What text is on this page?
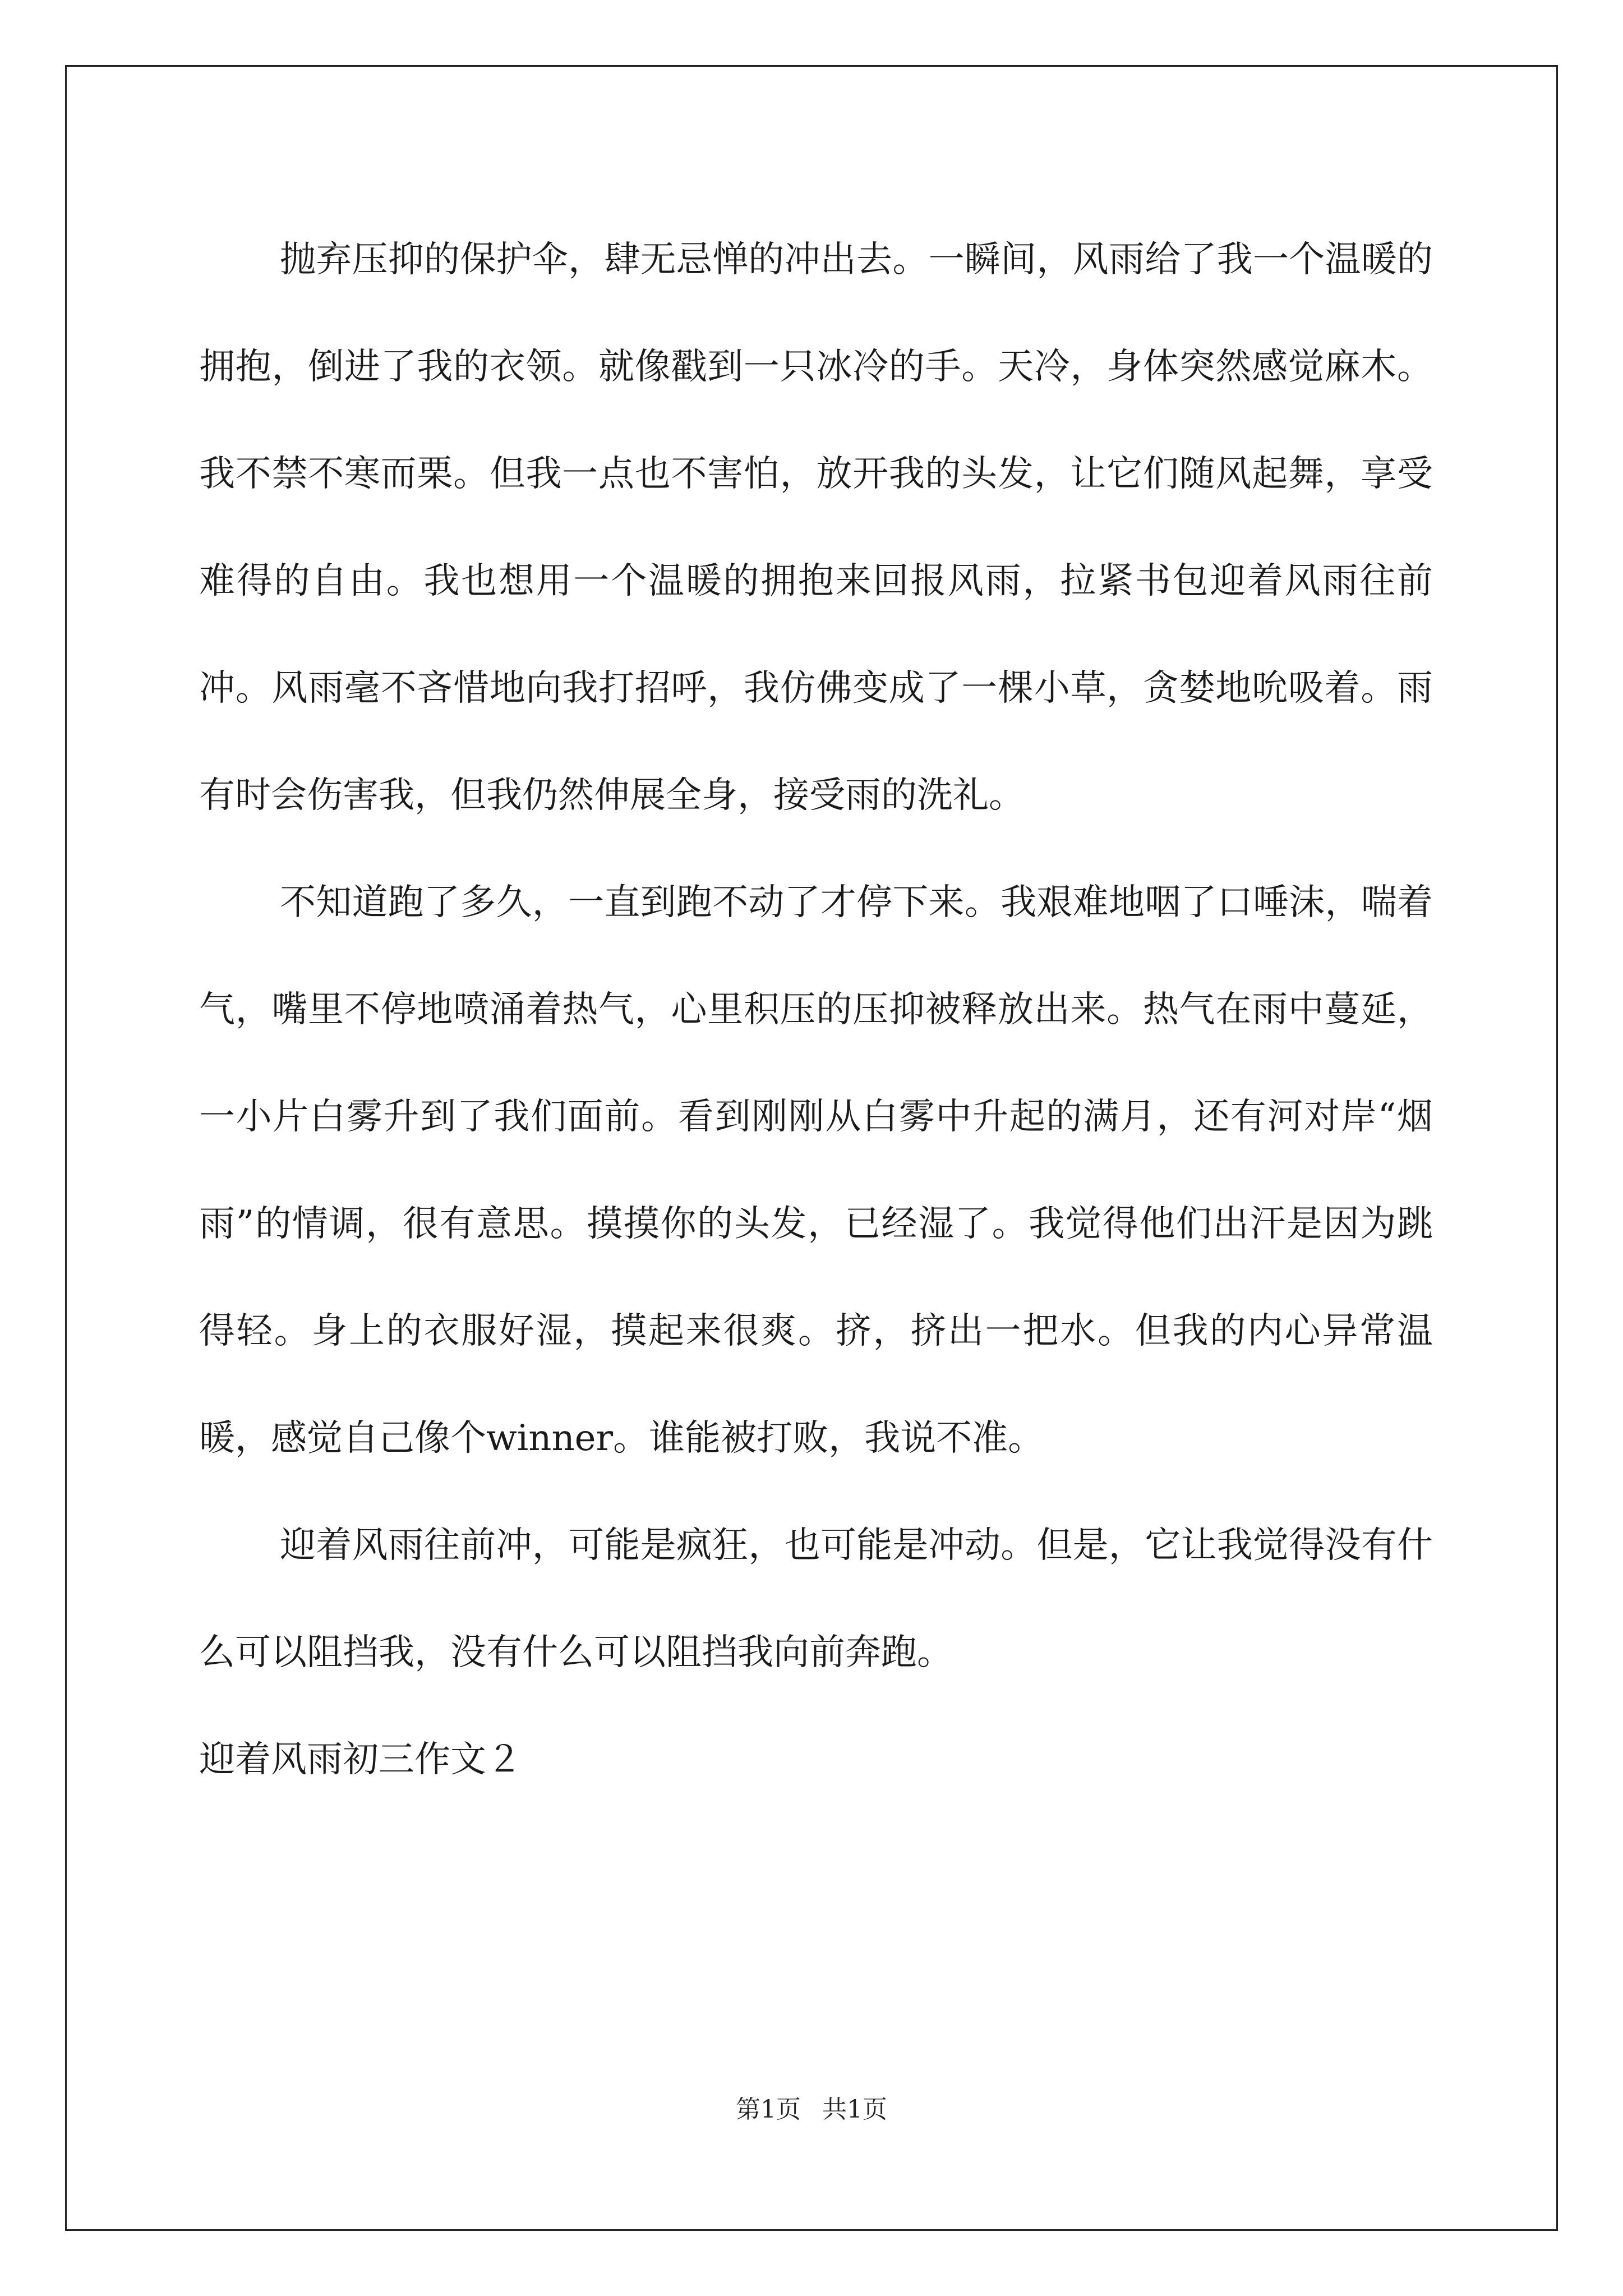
抛弃压抑的保护伞，肆无忌惮的冲出去。一瞬间，风雨给了我一个温暖的拥抱，倒进了我的衣领。就像戳到一只冰冷的手。天冷，身体突然感觉麻木。我不禁不寒而栗。但我一点也不害怕，放开我的头发，让它们随风起舞，享受难得的自由。我也想用一个温暖的拥抱来回报风雨，拉紧书包迎着风雨往前冲。风雨毫不吝惜地向我打招呼，我仿佛变成了一棵小草，贪婪地吮吸着。雨有时会伤害我，但我仍然伸展全身，接受雨的洗礼。

不知道跑了多久，一直到跑不动了才停下来。我艰难地咽了口唾沫，喘着气，嘴里不停地喷涌着热气，心里积压的压抑被释放出来。热气在雨中蔓延，一小片白雾升到了我们面前。看到刚刚从白雾中升起的满月，还有河对岸“烟雨”的情调，很有意思。摸摸你的头发，已经湿了。我觉得他们出汗是因为跳得轻。身上的衣服好湿，摸起来很爽。挤，挤出一把水。但我的内心异常温暖，感觉自己像个winner。谁能被打败，我说不准。

迎着风雨往前冲，可能是疯狂，也可能是冲动。但是，它让我觉得没有什么可以阻挡我，没有什么可以阻挡我向前奔跑。

迎着风雨初三作文２

第1页 共1页
